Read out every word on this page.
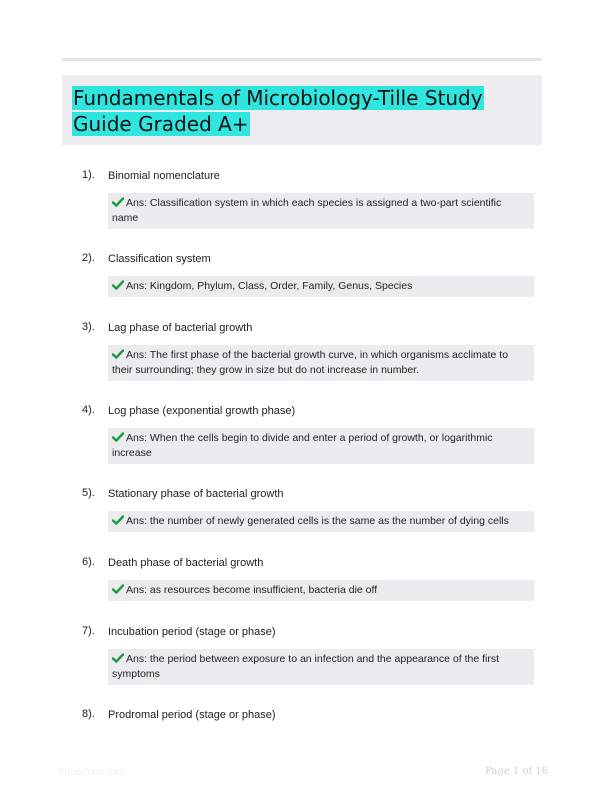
Fundamentals of Microbiology-Tille Study Guide Graded A+
1). Binomial nomenclature
Ans: Classification system in which each species is assigned a two-part scientific name
2). Classification system
Ans: Kingdom, Phylum, Class, Order, Family, Genus, Species
3). Lag phase of bacterial growth
Ans: The first phase of the bacterial growth curve, in which organisms acclimate to their surrounding; they grow in size but do not increase in number.
4). Log phase (exponential growth phase)
Ans: When the cells begin to divide and enter a period of growth, or logarithmic increase
5). Stationary phase of bacterial growth
Ans: the number of newly generated cells is the same as the number of dying cells
6). Death phase of bacterial growth
Ans: as resources become insufficient, bacteria die off
7). Incubation period (stage or phase)
Ans: the period between exposure to an infection and the appearance of the first symptoms
8). Prodromal period (stage or phase)
Paperfolio.com	Page 1 of 16
